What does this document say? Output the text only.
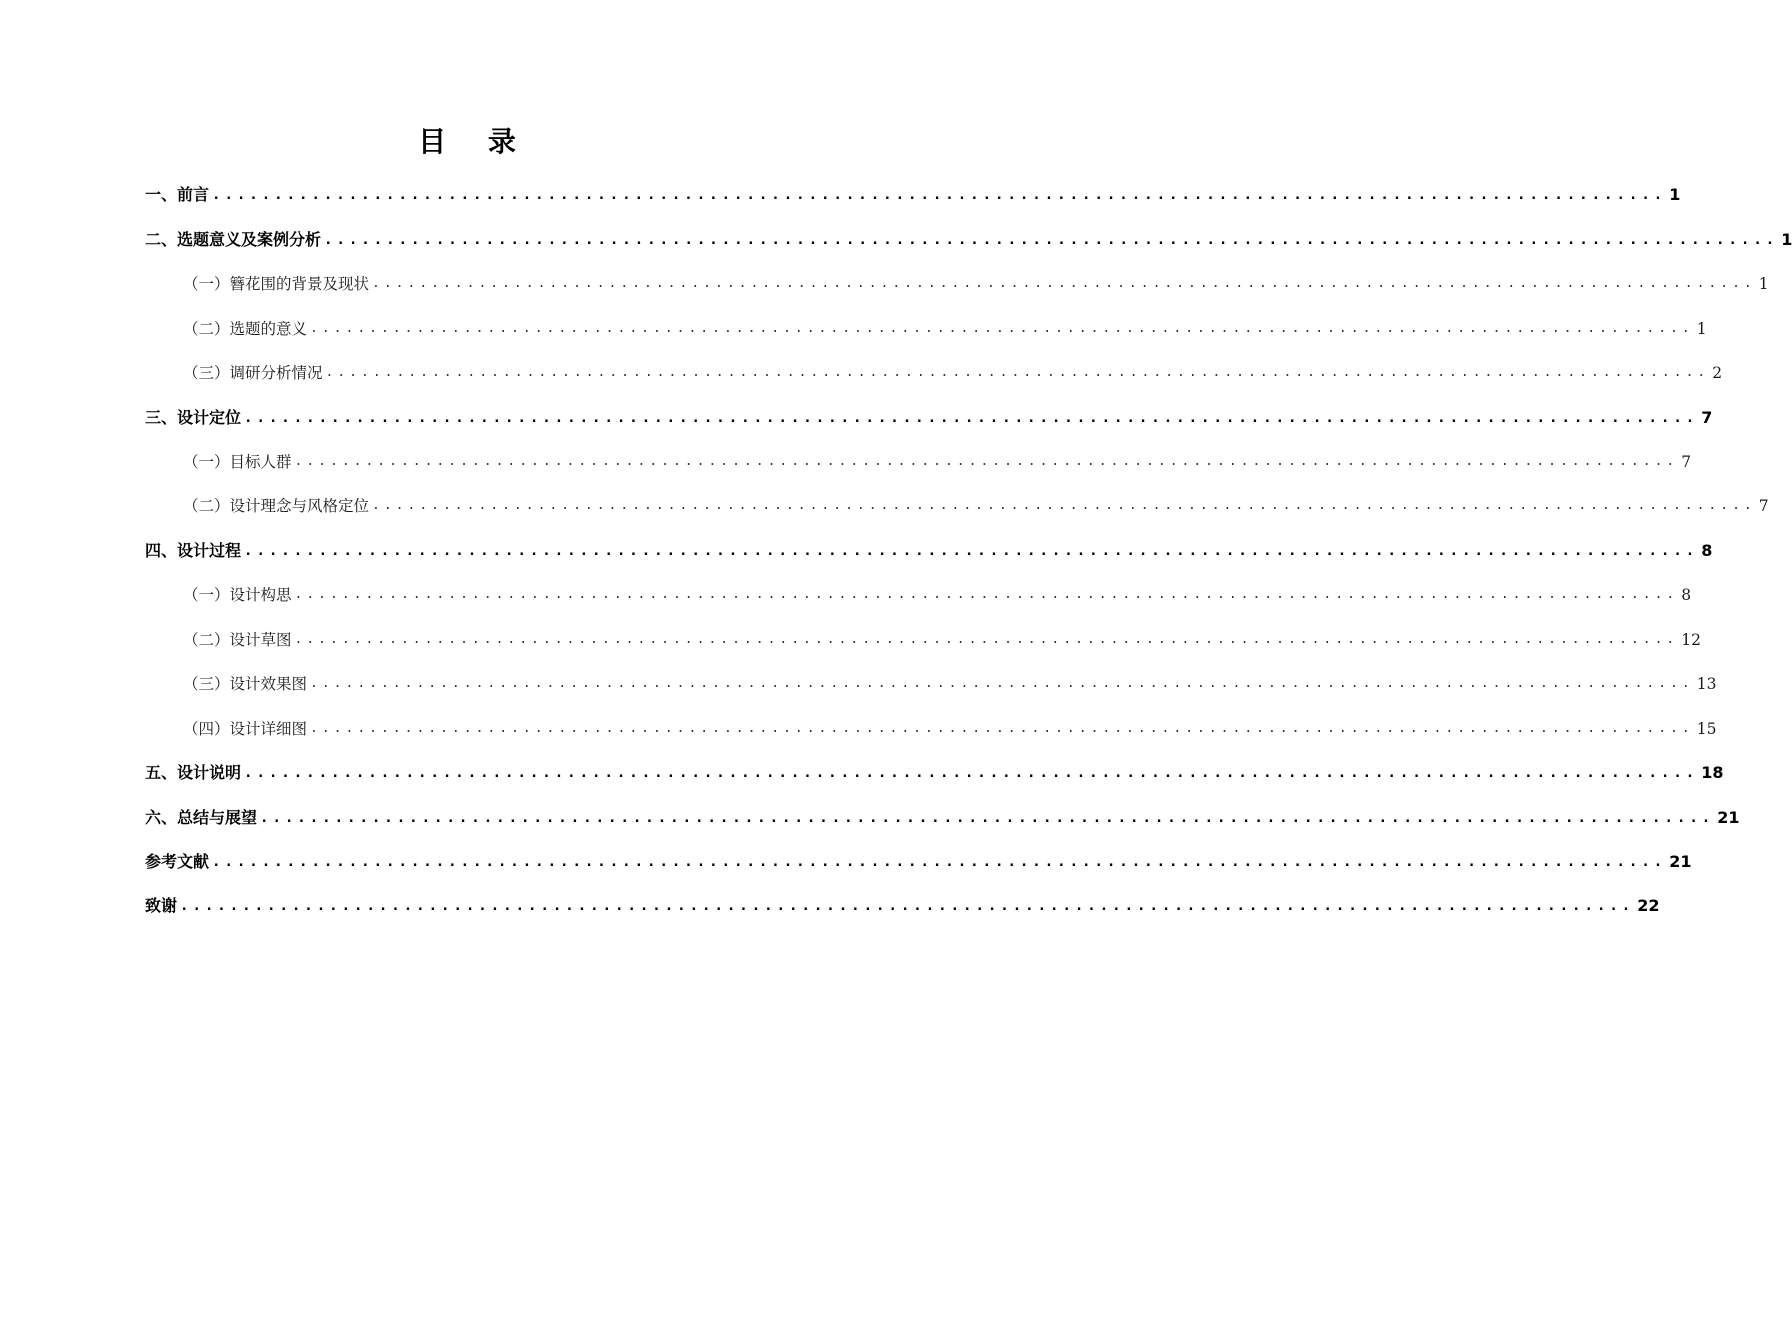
目 录
一、前言 ..................................................................................................................... 1
二、选题意义及案例分析 ..................................................................................................................... 1
（一）簪花围的背景及现状 ..................................................................................................................... 1
（二）选题的意义 ..................................................................................................................... 1
（三）调研分析情况 ..................................................................................................................... 2
三、设计定位 ..................................................................................................................... 7
（一）目标人群 ..................................................................................................................... 7
（二）设计理念与风格定位 ..................................................................................................................... 7
四、设计过程 ..................................................................................................................... 8
（一）设计构思 ..................................................................................................................... 8
（二）设计草图 ..................................................................................................................... 12
（三）设计效果图 ..................................................................................................................... 13
（四）设计详细图 ..................................................................................................................... 15
五、设计说明 ..................................................................................................................... 18
六、总结与展望 ..................................................................................................................... 21
参考文献 ..................................................................................................................... 21
致谢 ..................................................................................................................... 22
